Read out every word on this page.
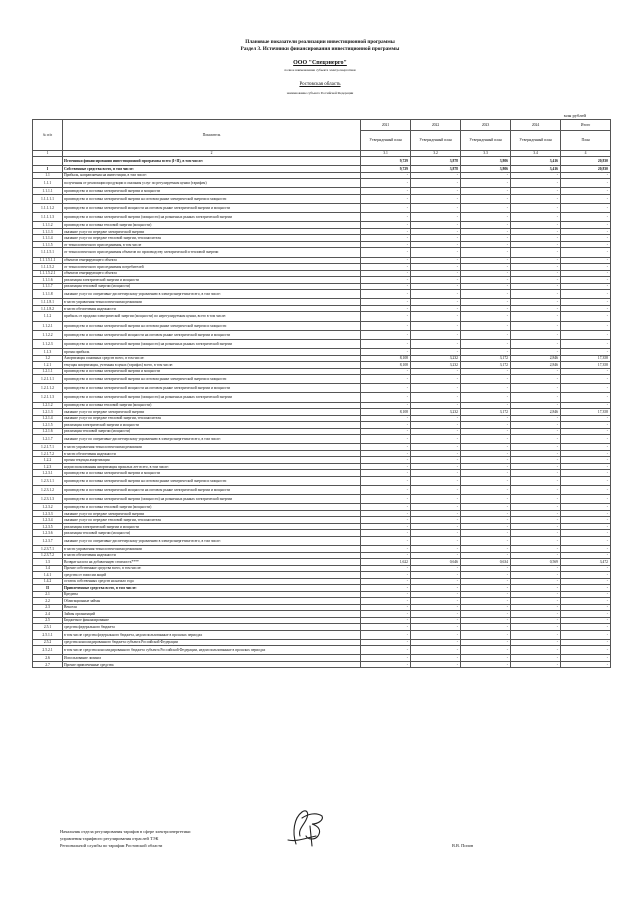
Плановые показатели реализации инвестиционной программы
Раздел 3. Источники финансирования инвестиционной программы
ООО "Спецэнерго"
полное наименование субъекта электроэнергетики
Ростовская область
наименование субъекта Российской Федерации
млн рублей
№ п/п	Показатель	2021	2022	2023	2024	Итого
		Утвержденный план	Утвержденный план	Утвержденный план	Утвержденный план	План
1	2	3.1	3.2	3.3	3.4	4
	Источники финансирования инвестиционной программы всего (I+II), в том числе:	9,729	3,878	3,806	3,416	20,830
I	Собственные средства всего, в том числе:	9,729	3,878	3,806	3,416	20,830
1.1	Прибыль, направляемая на инвестиции, в том числе:	-	-	-	-	-
1.1.1	полученная от реализации продукции и оказания услуг по регулируемым ценам (тарифам)	-	-	-	-	-
1.1.1.1	производство и поставка электрической энергии и мощности	-	-	-	-	-
1.1.1.1.1	производство и поставка электрической энергии на оптовом рынке электрической энергии и мощности	-	-	-	-	-
1.1.1.1.2	производство и поставка электрической мощности на оптовом рынке электрической энергии и мощности	-	-	-	-	-
1.1.1.1.3	производство и поставка электрической энергии (мощности) на розничных рынках электрической энергии	-	-	-	-	-
1.1.1.2	производство и поставка тепловой энергии (мощности)	-	-	-	-	-
1.1.1.3	оказание услуг по передаче электрической энергии	-	-	-	-	-
1.1.1.4	оказание услуг по передаче тепловой энергии, теплоносителя	-	-	-	-	-
1.1.1.5	от технологического присоединения, в том числе	-	-	-	-	-
1.1.1.5.1	от технологического присоединения объектов по производству электрической и тепловой энергии	-	-	-	-	-
1.1.1.5.1.1	объектов генерирующего объекта	-	-	-	-	-
1.1.1.5.2	от технологического присоединения потребителей	-	-	-	-	-
1.1.1.5.2.1	объектов генерирующего объекта	-	-	-	-	-
1.1.1.6	реализация электрической энергии и мощности	-	-	-	-	-
1.1.1.7	реализация тепловой энергии (мощности)	-	-	-	-	-
1.1.1.8	оказание услуг по оперативно-диспетчерскому управлению в электроэнергетике всего, в том числе:	-	-	-	-	-
1.1.1.8.1	в части управления технологическими режимами	-	-	-	-	-
1.1.1.8.2	в части обеспечения надежности	-	-	-	-	-
1.1.2	прибыль от продажи электрической энергии (мощности) по нерегулируемым ценам, всего в том числе:	-	-	-	-	-
1.1.2.1	производство и поставка электрической энергии на оптовом рынке электрической энергии и мощности	-	-	-	-	-
1.1.2.2	производство и поставка электрической мощности на оптовом рынке электрической энергии и мощности	-	-	-	-	-
1.1.2.3	производство и поставка электрической энергии (мощности) на розничных рынках электрической энергии	-	-	-	-	-
1.1.3	прочая прибыль	-	-	-	-	-
1.2	Амортизация основных средств всего, в том числе:	8,108	3,232	3,172	2,846	17,358
1.2.1	текущая амортизация, учтенная в ценах (тарифах) всего, в том числе:	8,108	3,232	3,172	2,846	17,358
1.2.1.1	производство и поставка электрической энергии и мощности	-	-	-	-	-
1.2.1.1.1	производство и поставка электрической энергии на оптовом рынке электрической энергии и мощности	-	-	-	-	-
1.2.1.1.2	производство и поставка электрической мощности на оптовом рынке электрической энергии и мощности	-	-	-	-	-
1.2.1.1.3	производство и поставка электрической энергии (мощности) на розничных рынках электрической энергии	-	-	-	-	-
1.2.1.2	производство и поставка тепловой энергии (мощности)	-	-	-	-	-
1.2.1.3	оказание услуг по передаче электрической энергии	8,108	3,232	3,172	2,846	17,358
1.2.1.4	оказание услуг по передаче тепловой энергии, теплоносителя	-	-	-	-	-
1.2.1.5	реализация электрической энергии и мощности	-	-	-	-	-
1.2.1.6	реализация тепловой энергии (мощности)	-	-	-	-	-
1.2.1.7	оказание услуг по оперативно-диспетчерскому управлению в электроэнергетике всего, в том числе:	-	-	-	-	-
1.2.1.7.1	в части управления технологическими режимами	-	-	-	-	-
1.2.1.7.2	в части обеспечения надежности	-	-	-	-	-
1.2.2	прочая текущая амортизация	-	-	-	-	-
1.2.3	недоиспользованная амортизация прошлых лет всего, в том числе:	-	-	-	-	-
1.2.3.1	производство и поставка электрической энергии и мощности	-	-	-	-	-
1.2.3.1.1	производство и поставка электрической энергии на оптовом рынке электрической энергии и мощности	-	-	-	-	-
1.2.3.1.2	производство и поставка электрической мощности на оптовом рынке электрической энергии и мощности	-	-	-	-	-
1.2.3.1.3	производство и поставка электрической энергии (мощности) на розничных рынках электрической энергии	-	-	-	-	-
1.2.3.2	производство и поставка тепловой энергии (мощности)	-	-	-	-	-
1.2.3.3	оказание услуг по передаче электрической энергии	-	-	-	-	-
1.2.3.4	оказание услуг по передаче тепловой энергии, теплоносителя	-	-	-	-	-
1.2.3.5	реализация электрической энергии и мощности	-	-	-	-	-
1.2.3.6	реализация тепловой энергии (мощности)	-	-	-	-	-
1.2.3.7	оказание услуг по оперативно-диспетчерскому управлению в электроэнергетике всего, в том числе:	-	-	-	-	-
1.2.3.7.1	в части управления технологическими режимами	-	-	-	-	-
1.2.3.7.2	в части обеспечения надежности	-	-	-	-	-
1.3	Возврат налога на добавленную стоимость****	1,622	0,646	0,634	0,569	3,472
1.4	Прочие собственные средства всего, в том числе:	-	-	-	-	-
1.4.1	средства от эмиссии акций	-	-	-	-	-
1.4.2	остаток собственных средств на начало года	-	-	-	-	-
II	Привлеченные средства всего, в том числе:	-	-	-	-	-
2.1	Кредиты	-	-	-	-	-
2.2	Облигационные займы	-	-	-	-	-
2.3	Векселя	-	-	-	-	-
2.4	Займы организаций	-	-	-	-	-
2.5	Бюджетное финансирование	-	-	-	-	-
2.5.1	средства федерального бюджета	-	-	-	-	-
2.5.1.1	в том числе средства федерального бюджета, недоиспользованные в прошлых периодах	-	-	-	-	-
2.5.2	средства консолидированного бюджета субъекта Российской Федерации	-	-	-	-	-
2.5.2.1	в том числе средства консолидированного бюджета субъекта Российской Федерации, недоиспользованные в прошлых периодах	-	-	-	-	-
2.6	Использование лизинга	-	-	-	-	-
2.7	Прочие привлеченные средства	-	-	-	-	-
Начальник отдела регулирования тарифов в сфере электроэнергетики
управления тарифного регулирования отраслей ТЭК
Региональной службы по тарифам Ростовской области	В.В. Попов
